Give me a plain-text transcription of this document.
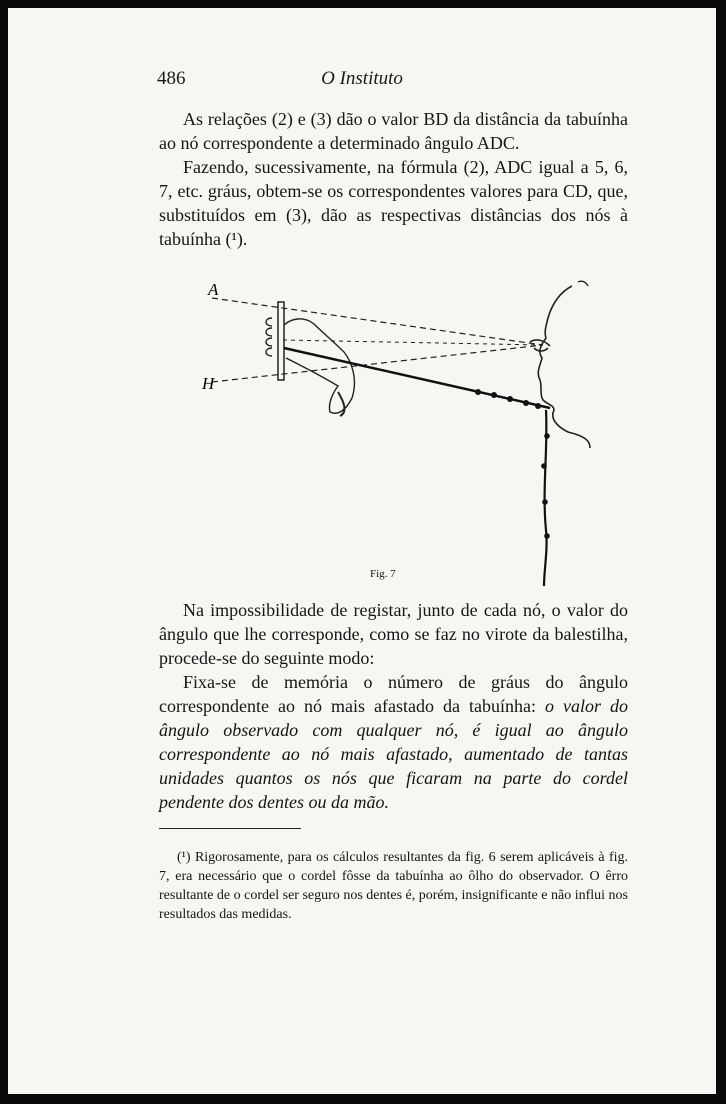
486	O Instituto

As relações (2) e (3) dão o valor BD da distância da tabuínha ao nó correspondente a determinado ângulo ADC.

Fazendo, sucessivamente, na fórmula (2), ADC igual a 5, 6, 7, etc. gráus, obtem-se os correspondentes valores para CD, que, substituídos em (3), dão as respectivas distâncias dos nós à tabuínha (¹).

A
H
Fig. 7

Na impossibilidade de registar, junto de cada nó, o valor do ângulo que lhe corresponde, como se faz no virote da balestilha, procede-se do seguinte modo:

Fixa-se de memória o número de gráus do ângulo correspondente ao nó mais afastado da tabuínha: o valor do ângulo observado com qualquer nó, é igual ao ângulo correspondente ao nó mais afastado, aumentado de tantas unidades quantos os nós que ficaram na parte do cordel pendente dos dentes ou da mão.

(¹) Rigorosamente, para os cálculos resultantes da fig. 6 serem aplicáveis à fig. 7, era necessário que o cordel fôsse da tabuínha ao ôlho do observador. O êrro resultante de o cordel ser seguro nos dentes é, porém, insignificante e não influi nos resultados das medidas.
